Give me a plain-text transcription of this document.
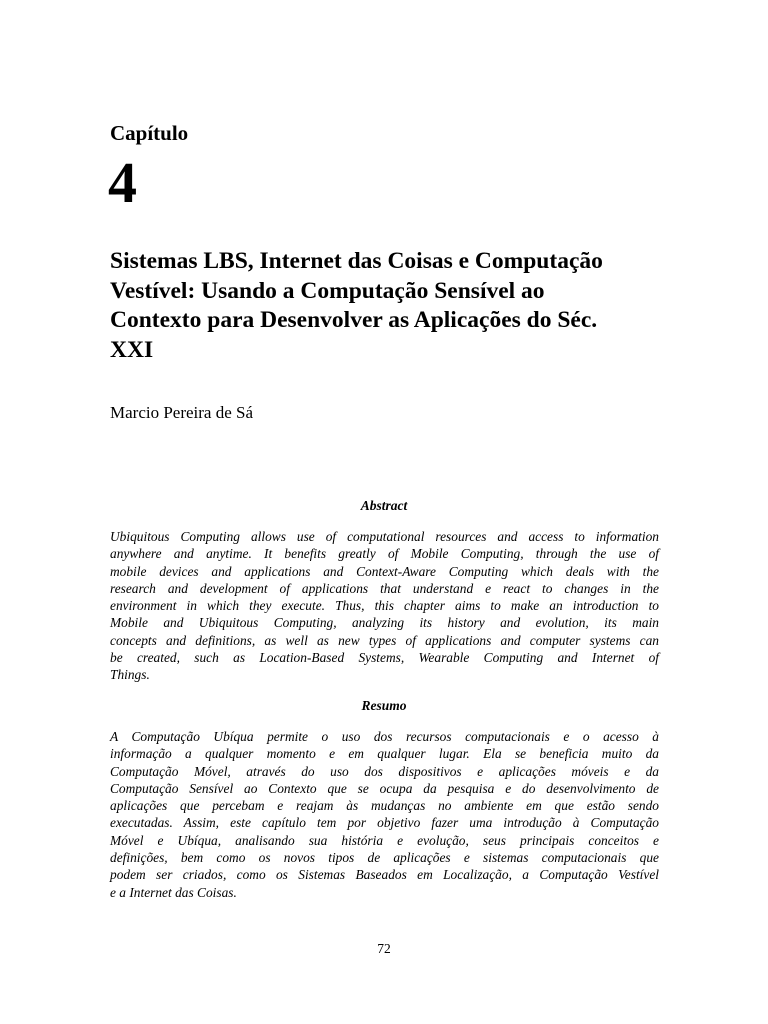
Capítulo
4
Sistemas LBS, Internet das Coisas e Computação
Vestível: Usando a Computação Sensível ao
Contexto para Desenvolver as Aplicações do Séc.
XXI

Marcio Pereira de Sá

Abstract
Ubiquitous Computing allows use of computational resources and access to information
anywhere and anytime. It benefits greatly of Mobile Computing, through the use of
mobile devices and applications and Context-Aware Computing which deals with the
research and development of applications that understand e react to changes in the
environment in which they execute. Thus, this chapter aims to make an introduction to
Mobile and Ubiquitous Computing, analyzing its history and evolution, its main
concepts and definitions, as well as new types of applications and computer systems can
be created, such as Location-Based Systems, Wearable Computing and Internet of
Things.
Resumo
A Computação Ubíqua permite o uso dos recursos computacionais e o acesso à
informação a qualquer momento e em qualquer lugar. Ela se beneficia muito da
Computação Móvel, através do uso dos dispositivos e aplicações móveis e da
Computação Sensível ao Contexto que se ocupa da pesquisa e do desenvolvimento de
aplicações que percebam e reajam às mudanças no ambiente em que estão sendo
executadas. Assim, este capítulo tem por objetivo fazer uma introdução à Computação
Móvel e Ubíqua, analisando sua história e evolução, seus principais conceitos e
definições, bem como os novos tipos de aplicações e sistemas computacionais que
podem ser criados, como os Sistemas Baseados em Localização, a Computação Vestível
e a Internet das Coisas.
72
